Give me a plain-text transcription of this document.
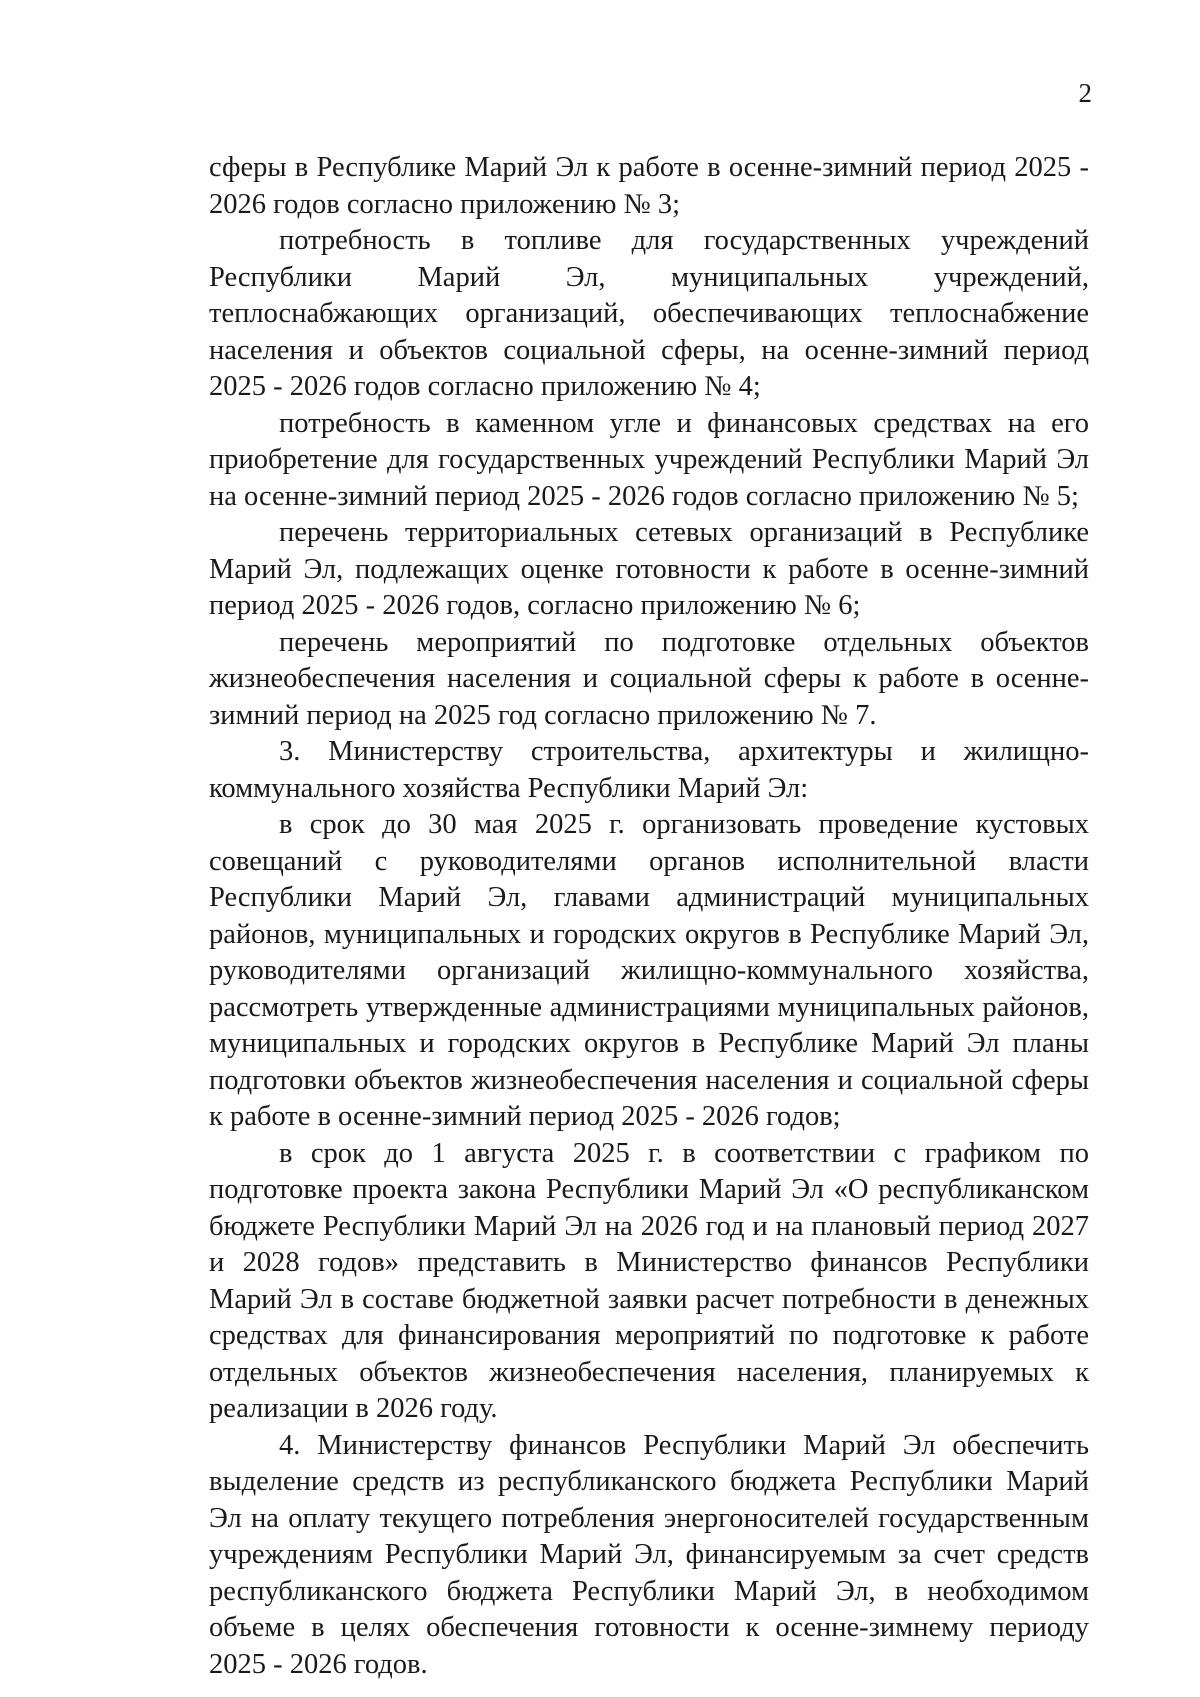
2

сферы в Республике Марий Эл к работе в осенне-зимний период 2025 - 2026 годов согласно приложению № 3;

потребность в топливе для государственных учреждений Республики Марий Эл, муниципальных учреждений, теплоснабжающих организаций, обеспечивающих теплоснабжение населения и объектов социальной сферы, на осенне-зимний период 2025 - 2026 годов согласно приложению № 4;

потребность в каменном угле и финансовых средствах на его приобретение для государственных учреждений Республики Марий Эл на осенне-зимний период 2025 - 2026 годов согласно приложению № 5;

перечень территориальных сетевых организаций в Республике Марий Эл, подлежащих оценке готовности к работе в осенне-зимний период 2025 - 2026 годов, согласно приложению № 6;

перечень мероприятий по подготовке отдельных объектов жизнеобеспечения населения и социальной сферы к работе в осенне-зимний период на 2025 год согласно приложению № 7.

3. Министерству строительства, архитектуры и жилищно-коммунального хозяйства Республики Марий Эл:

в срок до 30 мая 2025 г. организовать проведение кустовых совещаний с руководителями органов исполнительной власти Республики Марий Эл, главами администраций муниципальных районов, муниципальных и городских округов в Республике Марий Эл, руководителями организаций жилищно-коммунального хозяйства, рассмотреть утвержденные администрациями муниципальных районов, муниципальных и городских округов в Республике Марий Эл планы подготовки объектов жизнеобеспечения населения и социальной сферы к работе в осенне-зимний период 2025 - 2026 годов;

в срок до 1 августа 2025 г. в соответствии с графиком по подготовке проекта закона Республики Марий Эл «О республиканском бюджете Республики Марий Эл на 2026 год и на плановый период 2027 и 2028 годов» представить в Министерство финансов Республики Марий Эл в составе бюджетной заявки расчет потребности в денежных средствах для финансирования мероприятий по подготовке к работе отдельных объектов жизнеобеспечения населения, планируемых к реализации в 2026 году.

4. Министерству финансов Республики Марий Эл обеспечить выделение средств из республиканского бюджета Республики Марий Эл на оплату текущего потребления энергоносителей государственным учреждениям Республики Марий Эл, финансируемым за счет средств республиканского бюджета Республики Марий Эл, в необходимом объеме в целях обеспечения готовности к осенне-зимнему периоду 2025 - 2026 годов.
